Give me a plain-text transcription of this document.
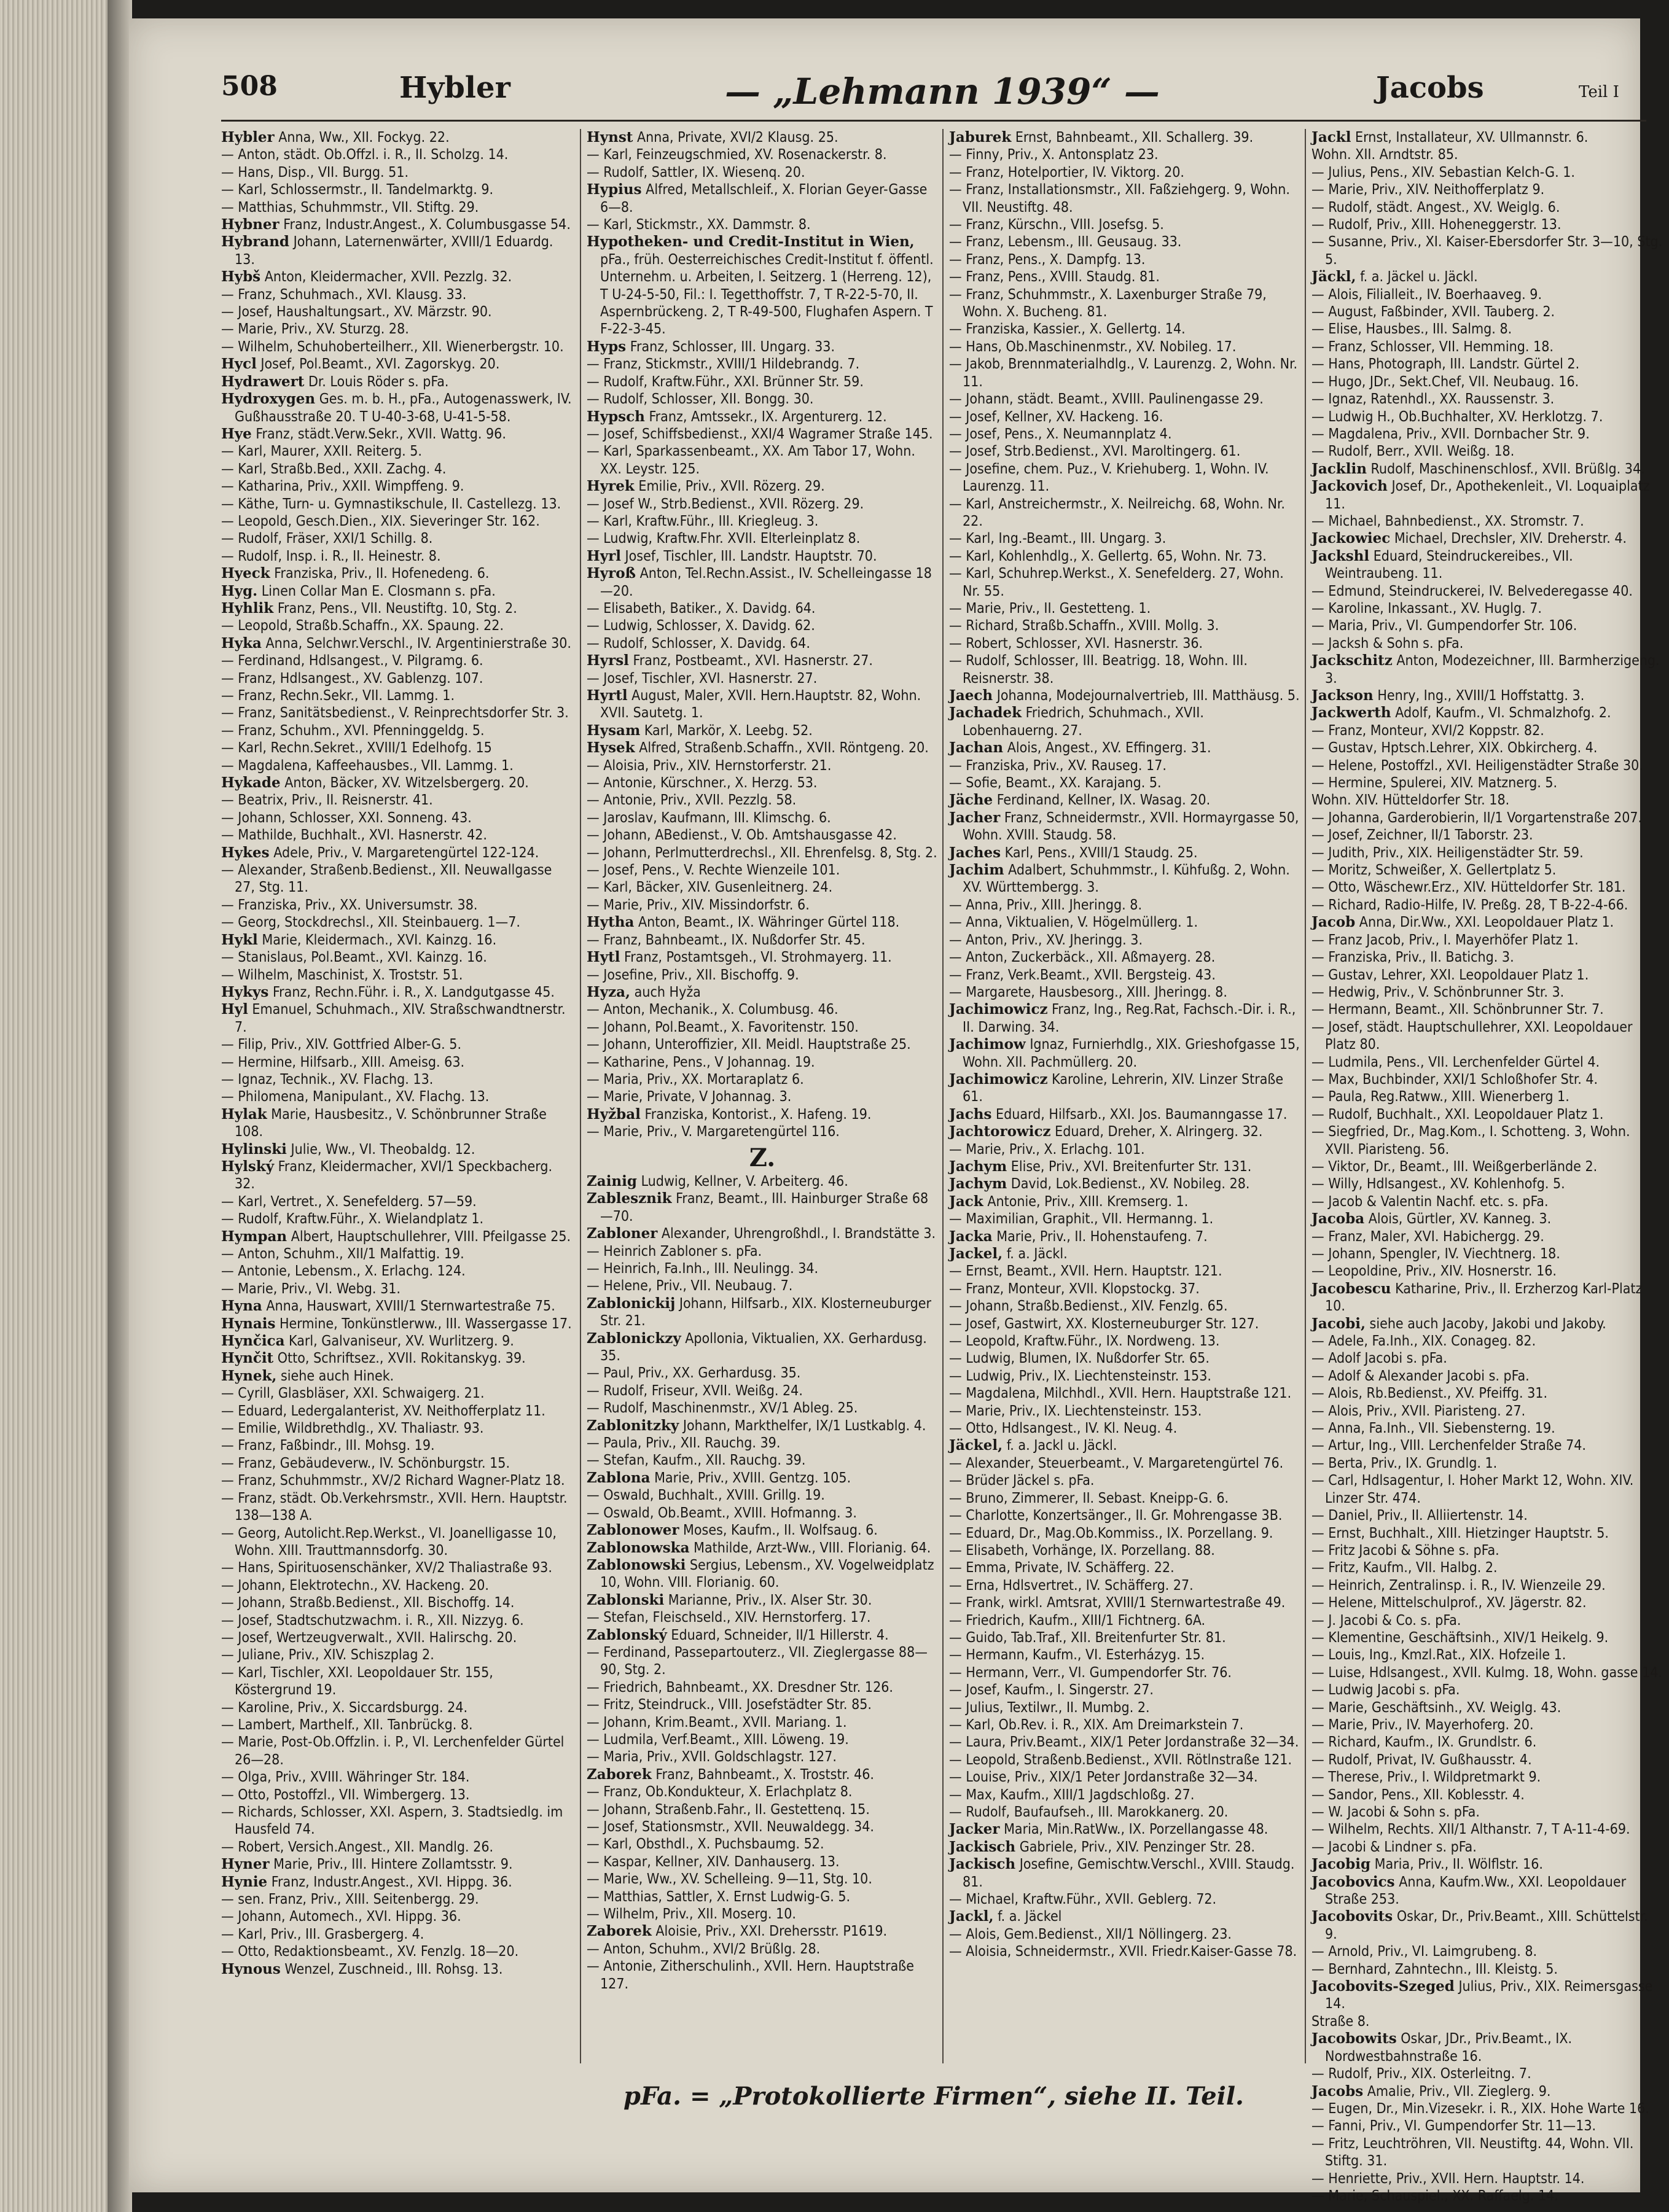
508	Hybler	— „Lehmann 1939“ —	Jacobs	Teil I

Hybler Anna, Ww., XII. Fockyg. 22.

— Anton, städt. Ob.Offzl. i. R., II. Scholzg. 14.

— Hans, Disp., VII. Burgg. 51.

— Karl, Schlossermstr., II. Tandelmarktg. 9.

— Matthias, Schuhmmstr., VII. Stiftg. 29.

Hybner Franz, Industr.Angest., X. Columbusgasse 54.

Hybrand Johann, Laternenwärter, XVIII/1 Eduardg. 13.

Hybš Anton, Kleidermacher, XVII. Pezzlg. 32.

— Franz, Schuhmach., XVI. Klausg. 33.

— Josef, Haushaltungsart., XV. Märzstr. 90.

— Marie, Priv., XV. Sturzg. 28.

— Wilhelm, Schuhoberteilherr., XII. Wienerbergstr. 10.

Hycl Josef, Pol.Beamt., XVI. Zagorskyg. 20.

Hydrawert Dr. Louis Röder s. pFa.

Hydroxygen Ges. m. b. H., pFa., Autogenasswerk, IV. Gußhausstraße 20. T U-40-3-68, U-41-5-58.

Hye Franz, städt.Verw.Sekr., XVII. Wattg. 96.

— Karl, Maurer, XXII. Reiterg. 5.

— Karl, Straßb.Bed., XXII. Zachg. 4.

— Katharina, Priv., XXII. Wimpffeng. 9.

— Käthe, Turn- u. Gymnastikschule, II. Castellezg. 13.

— Leopold, Gesch.Dien., XIX. Sieveringer Str. 162.

— Rudolf, Fräser, XXI/1 Schillg. 8.

— Rudolf, Insp. i. R., II. Heinestr. 8.

Hyeck Franziska, Priv., II. Hofenedeng. 6.

Hyg. Linen Collar Man E. Closmann s. pFa.

Hyhlik Franz, Pens., VII. Neustiftg. 10, Stg. 2.

— Leopold, Straßb.Schaffn., XX. Spaung. 22.

Hyka Anna, Selchwr.Verschl., IV. Argentinierstraße 30.

— Ferdinand, Hdlsangest., V. Pilgramg. 6.

— Franz, Hdlsangest., XV. Gablenzg. 107.

— Franz, Rechn.Sekr., VII. Lammg. 1.

— Franz, Sanitätsbedienst., V. Reinprechtsdorfer Str. 3.

— Franz, Schuhm., XVI. Pfenninggeldg. 5.

— Karl, Rechn.Sekret., XVIII/1 Edelhofg. 15

— Magdalena, Kaffeehausbes., VII. Lammg. 1.

Hykade Anton, Bäcker, XV. Witzelsbergerg. 20.

— Beatrix, Priv., II. Reisnerstr. 41.

— Johann, Schlosser, XXI. Sonneng. 43.

— Mathilde, Buchhalt., XVI. Hasnerstr. 42.

Hykes Adele, Priv., V. Margaretengürtel 122-124.

— Alexander, Straßenb.Bedienst., XII. Neuwallgasse 27, Stg. 11.

— Franziska, Priv., XX. Universumstr. 38.

— Georg, Stockdrechsl., XII. Steinbauerg. 1—7.

Hykl Marie, Kleidermach., XVI. Kainzg. 16.

— Stanislaus, Pol.Beamt., XVI. Kainzg. 16.

— Wilhelm, Maschinist, X. Troststr. 51.

Hykys Franz, Rechn.Führ. i. R., X. Landgutgasse 45.

Hyl Emanuel, Schuhmach., XIV. Straßschwandtnerstr. 7.

— Filip, Priv., XIV. Gottfried Alber-G. 5.

— Hermine, Hilfsarb., XIII. Ameisg. 63.

— Ignaz, Technik., XV. Flachg. 13.

— Philomena, Manipulant., XV. Flachg. 13.

Hylak Marie, Hausbesitz., V. Schönbrunner Straße 108.

Hylinski Julie, Ww., VI. Theobaldg. 12.

Hylský Franz, Kleidermacher, XVI/1 Speckbacherg. 32.

— Karl, Vertret., X. Senefelderg. 57—59.

— Rudolf, Kraftw.Führ., X. Wielandplatz 1.

Hympan Albert, Hauptschullehrer, VIII. Pfeilgasse 25.

— Anton, Schuhm., XII/1 Malfattig. 19.

— Antonie, Lebensm., X. Erlachg. 124.

— Marie, Priv., VI. Webg. 31.

Hyna Anna, Hauswart, XVIII/1 Sternwartestraße 75.

Hynais Hermine, Tonkünstlerww., III. Wassergasse 17.

Hynčica Karl, Galvaniseur, XV. Wurlitzerg. 9.

Hynčit Otto, Schriftsez., XVII. Rokitanskyg. 39.

Hynek, siehe auch Hinek.

— Cyrill, Glasbläser, XXI. Schwaigerg. 21.

— Eduard, Ledergalanterist, XV. Neithofferplatz 11.

— Emilie, Wildbrethdlg., XV. Thaliastr. 93.

— Franz, Faßbindr., III. Mohsg. 19.

— Franz, Gebäudeverw., IV. Schönburgstr. 15.

— Franz, Schuhmmstr., XV/2 Richard Wagner-Platz 18.

— Franz, städt. Ob.Verkehrsmstr., XVII. Hern. Hauptstr. 138—138 A.

— Georg, Autolicht.Rep.Werkst., VI. Joanelligasse 10, Wohn. XIII. Trauttmannsdorfg. 30.

— Hans, Spirituosenschänker, XV/2 Thaliastraße 93.

— Johann, Elektrotechn., XV. Hackeng. 20.

— Johann, Straßb.Bedienst., XII. Bischoffg. 14.

— Josef, Stadtschutzwachm. i. R., XII. Nizzyg. 6.

— Josef, Wertzeugverwalt., XVII. Halirschg. 20.

— Juliane, Priv., XIV. Schiszplag 2.

— Karl, Tischler, XXI. Leopoldauer Str. 155, Köstergrund 19.

— Karoline, Priv., X. Siccardsburgg. 24.

— Lambert, Marthelf., XII. Tanbrückg. 8.

— Marie, Post-Ob.Offzlin. i. P., VI. Lerchenfelder Gürtel 26—28.

— Olga, Priv., XVIII. Währinger Str. 184.

— Otto, Postoffzl., VII. Wimbergerg. 13.

— Richards, Schlosser, XXI. Aspern, 3. Stadtsiedlg. im Hausfeld 74.

— Robert, Versich.Angest., XII. Mandlg. 26.

Hyner Marie, Priv., III. Hintere Zollamtsstr. 9.

Hynie Franz, Industr.Angest., XVI. Hippg. 36.

— sen. Franz, Priv., XIII. Seitenbergg. 29.

— Johann, Automech., XVI. Hippg. 36.

— Karl, Priv., III. Grasbergerg. 4.

— Otto, Redaktionsbeamt., XV. Fenzlg. 18—20.

Hynous Wenzel, Zuschneid., III. Rohsg. 13.

Hynst Anna, Private, XVI/2 Klausg. 25.

— Karl, Feinzeugschmied, XV. Rosenackerstr. 8.

— Rudolf, Sattler, IX. Wiesenq. 20.

Hypius Alfred, Metallschleif., X. Florian Geyer-Gasse 6—8.

— Karl, Stickmstr., XX. Dammstr. 8.

Hypotheken- und Credit-Institut in Wien, pFa., früh. Oesterreichisches Credit-Institut f. öffentl. Unternehm. u. Arbeiten, I. Seitzerg. 1 (Herreng. 12), T U-24-5-50, Fil.: I. Tegetthoffstr. 7, T R-22-5-70, II. Aspernbrückeng. 2, T R-49-500, Flughafen Aspern. T F-22-3-45.

Hyps Franz, Schlosser, III. Ungarg. 33.

— Franz, Stickmstr., XVIII/1 Hildebrandg. 7.

— Rudolf, Kraftw.Führ., XXI. Brünner Str. 59.

— Rudolf, Schlosser, XII. Bongg. 30.

Hypsch Franz, Amtssekr., IX. Argenturerg. 12.

— Josef, Schiffsbedienst., XXI/4 Wagramer Straße 145.

— Karl, Sparkassenbeamt., XX. Am Tabor 17, Wohn. XX. Leystr. 125.

Hyrek Emilie, Priv., XVII. Rözerg. 29.

— Josef W., Strb.Bedienst., XVII. Rözerg. 29.

— Karl, Kraftw.Führ., III. Kriegleug. 3.

— Ludwig, Kraftw.Fhr. XVII. Elterleinplatz 8.

Hyrl Josef, Tischler, III. Landstr. Hauptstr. 70.

Hyroß Anton, Tel.Rechn.Assist., IV. Schelleingasse 18—20.

— Elisabeth, Batiker., X. Davidg. 64.

— Ludwig, Schlosser, X. Davidg. 62.

— Rudolf, Schlosser, X. Davidg. 64.

Hyrsl Franz, Postbeamt., XVI. Hasnerstr. 27.

— Josef, Tischler, XVI. Hasnerstr. 27.

Hyrtl August, Maler, XVII. Hern.Hauptstr. 82, Wohn. XVII. Sautetg. 1.

Hysam Karl, Markör, X. Leebg. 52.

Hysek Alfred, Straßenb.Schaffn., XVII. Röntgeng. 20.

— Aloisia, Priv., XIV. Hernstorferstr. 21.

— Antonie, Kürschner., X. Herzg. 53.

— Antonie, Priv., XVII. Pezzlg. 58.

— Jaroslav, Kaufmann, III. Klimschg. 6.

— Johann, ABedienst., V. Ob. Amtshausgasse 42.

— Johann, Perlmutterdrechsl., XII. Ehrenfelsg. 8, Stg. 2.

— Josef, Pens., V. Rechte Wienzeile 101.

— Karl, Bäcker, XIV. Gusenleitnerg. 24.

— Marie, Priv., XIV. Missindorfstr. 6.

Hytha Anton, Beamt., IX. Währinger Gürtel 118.

— Franz, Bahnbeamt., IX. Nußdorfer Str. 45.

Hytl Franz, Postamtsgeh., VI. Strohmayerg. 11.

— Josefine, Priv., XII. Bischoffg. 9.

Hyza, auch Hyža

— Anton, Mechanik., X. Columbusg. 46.

— Johann, Pol.Beamt., X. Favoritenstr. 150.

— Johann, Unteroffizier, XII. Meidl. Hauptstraße 25.

— Katharine, Pens., V Johannag. 19.

— Maria, Priv., XX. Mortaraplatz 6.

— Marie, Private, V Johannag. 3.

Hyžbal Franziska, Kontorist., X. Hafeng. 19.

— Marie, Priv., V. Margaretengürtel 116.

Z.

Zainig Ludwig, Kellner, V. Arbeiterg. 46.

Zablesznik Franz, Beamt., III. Hainburger Straße 68—70.

Zabloner Alexander, Uhrengroßhdl., I. Brandstätte 3.

— Heinrich Zabloner s. pFa.

— Heinrich, Fa.Inh., III. Neulingg. 34.

— Helene, Priv., VII. Neubaug. 7.

Zablonickij Johann, Hilfsarb., XIX. Klosterneuburger Str. 21.

Zablonickzy Apollonia, Viktualien, XX. Gerhardusg. 35.

— Paul, Priv., XX. Gerhardusg. 35.

— Rudolf, Friseur, XVII. Weißg. 24.

— Rudolf, Maschinenmstr., XV/1 Ableg. 25.

Zablonitzky Johann, Markthelfer, IX/1 Lustkablg. 4.

— Paula, Priv., XII. Rauchg. 39.

— Stefan, Kaufm., XII. Rauchg. 39.

Zablona Marie, Priv., XVIII. Gentzg. 105.

— Oswald, Buchhalt., XVIII. Grillg. 19.

— Oswald, Ob.Beamt., XVIII. Hofmanng. 3.

Zablonower Moses, Kaufm., II. Wolfsaug. 6.

Zablonowska Mathilde, Arzt-Ww., VIII. Florianig. 64.

Zablonowski Sergius, Lebensm., XV. Vogelweidplatz 10, Wohn. VIII. Florianig. 60.

Zablonski Marianne, Priv., IX. Alser Str. 30.

— Stefan, Fleischseld., XIV. Hernstorferg. 17.

Zablonský Eduard, Schneider, II/1 Hillerstr. 4.

— Ferdinand, Passepartouterz., VII. Zieglergasse 88—90, Stg. 2.

— Friedrich, Bahnbeamt., XX. Dresdner Str. 126.

— Fritz, Steindruck., VIII. Josefstädter Str. 85.

— Johann, Krim.Beamt., XVII. Mariang. 1.

— Ludmila, Verf.Beamt., XIII. Löweng. 19.

— Maria, Priv., XVII. Goldschlagstr. 127.

Zaborek Franz, Bahnbeamt., X. Troststr. 46.

— Franz, Ob.Kondukteur, X. Erlachplatz 8.

— Johann, Straßenb.Fahr., II. Gestettenq. 15.

— Josef, Stationsmstr., XVII. Neuwaldegg. 34.

— Karl, Obsthdl., X. Puchsbaumg. 52.

— Kaspar, Kellner, XIV. Danhauserg. 13.

— Marie, Ww., XV. Schelleing. 9—11, Stg. 10.

— Matthias, Sattler, X. Ernst Ludwig-G. 5.

— Wilhelm, Priv., XII. Moserg. 10.

Zaborek Aloisie, Priv., XXI. Drehersstr. P1619.

— Anton, Schuhm., XVI/2 Brüßlg. 28.

— Antonie, Zitherschulinh., XVII. Hern. Hauptstraße 127.

Jaburek Ernst, Bahnbeamt., XII. Schallerg. 39.

— Finny, Priv., X. Antonsplatz 23.

— Franz, Hotelportier, IV. Viktorg. 20.

— Franz, Installationsmstr., XII. Faßziehgerg. 9, Wohn. VII. Neustiftg. 48.

— Franz, Kürschn., VIII. Josefsg. 5.

— Franz, Lebensm., III. Geusaug. 33.

— Franz, Pens., X. Dampfg. 13.

— Franz, Pens., XVIII. Staudg. 81.

— Franz, Schuhmmstr., X. Laxenburger Straße 79, Wohn. X. Bucheng. 81.

— Franziska, Kassier., X. Gellertg. 14.

— Hans, Ob.Maschinenmstr., XV. Nobileg. 17.

— Jakob, Brennmaterialhdlg., V. Laurenzg. 2, Wohn. Nr. 11.

— Johann, städt. Beamt., XVIII. Paulinengasse 29.

— Josef, Kellner, XV. Hackeng. 16.

— Josef, Pens., X. Neumannplatz 4.

— Josef, Strb.Bedienst., XVI. Maroltingerg. 61.

— Josefine, chem. Puz., V. Kriehuberg. 1, Wohn. IV. Laurenzg. 11.

— Karl, Anstreichermstr., X. Neilreichg. 68, Wohn. Nr. 22.

— Karl, Ing.-Beamt., III. Ungarg. 3.

— Karl, Kohlenhdlg., X. Gellertg. 65, Wohn. Nr. 73.

— Karl, Schuhrep.Werkst., X. Senefelderg. 27, Wohn. Nr. 55.

— Marie, Priv., II. Gestetteng. 1.

— Richard, Straßb.Schaffn., XVIII. Mollg. 3.

— Robert, Schlosser, XVI. Hasnerstr. 36.

— Rudolf, Schlosser, III. Beatrigg. 18, Wohn. III. Reisnerstr. 38.

Jaech Johanna, Modejournalvertrieb, III. Matthäusg. 5.

Jachadek Friedrich, Schuhmach., XVII. Lobenhauerng. 27.

Jachan Alois, Angest., XV. Effingerg. 31.

— Franziska, Priv., XV. Rauseg. 17.

— Sofie, Beamt., XX. Karajang. 5.

Jäche Ferdinand, Kellner, IX. Wasag. 20.

Jacher Franz, Schneidermstr., XVII. Hormayrgasse 50, Wohn. XVIII. Staudg. 58.

Jaches Karl, Pens., XVIII/1 Staudg. 25.

Jachim Adalbert, Schuhmmstr., I. Kühfußg. 2, Wohn. XV. Württembergg. 3.

— Anna, Priv., XIII. Jheringg. 8.

— Anna, Viktualien, V. Högelmüllerg. 1.

— Anton, Priv., XV. Jheringg. 3.

— Anton, Zuckerbäck., XII. Aßmayerg. 28.

— Franz, Verk.Beamt., XVII. Bergsteig. 43.

— Margarete, Hausbesorg., XIII. Jheringg. 8.

Jachimowicz Franz, Ing., Reg.Rat, Fachsch.-Dir. i. R., II. Darwing. 34.

Jachimow Ignaz, Furnierhdlg., XIX. Grieshofgasse 15, Wohn. XII. Pachmüllerg. 20.

Jachimowicz Karoline, Lehrerin, XIV. Linzer Straße 61.

Jachs Eduard, Hilfsarb., XXI. Jos. Baumanngasse 17.

Jachtorowicz Eduard, Dreher, X. Alringerg. 32.

— Marie, Priv., X. Erlachg. 101.

Jachym Elise, Priv., XVI. Breitenfurter Str. 131.

Jachym David, Lok.Bedienst., XV. Nobileg. 28.

Jack Antonie, Priv., XIII. Kremserg. 1.

— Maximilian, Graphit., VII. Hermanng. 1.

Jacka Marie, Priv., II. Hohenstaufeng. 7.

Jackel, f. a. Jäckl.

— Ernst, Beamt., XVII. Hern. Hauptstr. 121.

— Franz, Monteur, XVII. Klopstockg. 37.

— Johann, Straßb.Bedienst., XIV. Fenzlg. 65.

— Josef, Gastwirt, XX. Klosterneuburger Str. 127.

— Leopold, Kraftw.Führ., IX. Nordweng. 13.

— Ludwig, Blumen, IX. Nußdorfer Str. 65.

— Ludwig, Priv., IX. Liechtensteinstr. 153.

— Magdalena, Milchhdl., XVII. Hern. Hauptstraße 121.

— Marie, Priv., IX. Liechtensteinstr. 153.

— Otto, Hdlsangest., IV. Kl. Neug. 4.

Jäckel, f. a. Jackl u. Jäckl.

— Alexander, Steuerbeamt., V. Margaretengürtel 76.

— Brüder Jäckel s. pFa.

— Bruno, Zimmerer, II. Sebast. Kneipp-G. 6.

— Charlotte, Konzertsänger., II. Gr. Mohrengasse 3B.

— Eduard, Dr., Mag.Ob.Kommiss., IX. Porzellang. 9.

— Elisabeth, Vorhänge, IX. Porzellang. 88.

— Emma, Private, IV. Schäfferg. 22.

— Erna, Hdlsvertret., IV. Schäfferg. 27.

— Frank, wirkl. Amtsrat, XVIII/1 Sternwartestraße 49.

— Friedrich, Kaufm., XIII/1 Fichtnerg. 6A.

— Guido, Tab.Traf., XII. Breitenfurter Str. 81.

— Hermann, Kaufm., VI. Esterházyg. 15.

— Hermann, Verr., VI. Gumpendorfer Str. 76.

— Josef, Kaufm., I. Singerstr. 27.

— Julius, Textilwr., II. Mumbg. 2.

— Karl, Ob.Rev. i. R., XIX. Am Dreimarkstein 7.

— Laura, Priv.Beamt., XIX/1 Peter Jordanstraße 32—34.

— Leopold, Straßenb.Bedienst., XVII. Rötlnstraße 121.

— Louise, Priv., XIX/1 Peter Jordanstraße 32—34.

— Max, Kaufm., XIII/1 Jagdschloßg. 27.

— Rudolf, Baufaufseh., III. Marokkanerg. 20.

Jacker Maria, Min.RatWw., IX. Porzellangasse 48.

Jackisch Gabriele, Priv., XIV. Penzinger Str. 28.

Jackisch Josefine, Gemischtw.Verschl., XVIII. Staudg. 81.

— Michael, Kraftw.Führ., XVII. Geblerg. 72.

Jackl, f. a. Jäckel

— Alois, Gem.Bedienst., XII/1 Nöllingerg. 23.

— Aloisia, Schneidermstr., XVII. Friedr.Kaiser-Gasse 78.

Jackl Ernst, Installateur, XV. Ullmannstr. 6.

Wohn. XII. Arndtstr. 85.

— Julius, Pens., XIV. Sebastian Kelch-G. 1.

— Marie, Priv., XIV. Neithofferplatz 9.

— Rudolf, städt. Angest., XV. Weiglg. 6.

— Rudolf, Priv., XIII. Hoheneggerstr. 13.

— Susanne, Priv., XI. Kaiser-Ebersdorfer Str. 3—10, Stg. 5.

Jäckl, f. a. Jäckel u. Jäckl.

— Alois, Filialleit., IV. Boerhaaveg. 9.

— August, Faßbinder, XVII. Tauberg. 2.

— Elise, Hausbes., III. Salmg. 8.

— Franz, Schlosser, VII. Hemming. 18.

— Hans, Photograph, III. Landstr. Gürtel 2.

— Hugo, JDr., Sekt.Chef, VII. Neubaug. 16.

— Ignaz, Ratenhdl., XX. Raussenstr. 3.

— Ludwig H., Ob.Buchhalter, XV. Herklotzg. 7.

— Magdalena, Priv., XVII. Dornbacher Str. 9.

— Rudolf, Berr., XVII. Weißg. 18.

Jacklin Rudolf, Maschinenschlosf., XVII. Brüßlg. 34.

Jackovich Josef, Dr., Apothekenleit., VI. Loquaiplatz 11.

— Michael, Bahnbedienst., XX. Stromstr. 7.

Jackowiec Michael, Drechsler, XIV. Dreherstr. 4.

Jackshl Eduard, Steindruckereibes., VII. Weintraubeng. 11.

— Edmund, Steindruckerei, IV. Belvederegasse 40.

— Karoline, Inkassant., XV. Huglg. 7.

— Maria, Priv., VI. Gumpendorfer Str. 106.

— Jacksh & Sohn s. pFa.

Jackschitz Anton, Modezeichner, III. Barmherzigeng. 3.

Jackson Henry, Ing., XVIII/1 Hoffstattg. 3.

Jackwerth Adolf, Kaufm., VI. Schmalzhofg. 2.

— Franz, Monteur, XVI/2 Koppstr. 82.

— Gustav, Hptsch.Lehrer, XIX. Obkircherg. 4.

— Helene, Postoffzl., XVI. Heiligenstädter Straße 30.

— Hermine, Spulerei, XIV. Matznerg. 5.

Wohn. XIV. Hütteldorfer Str. 18.

— Johanna, Garderobierin, II/1 Vorgartenstraße 207.

— Josef, Zeichner, II/1 Taborstr. 23.

— Judith, Priv., XIX. Heiligenstädter Str. 59.

— Moritz, Schweißer, X. Gellertplatz 5.

— Otto, Wäschewr.Erz., XIV. Hütteldorfer Str. 181.

— Richard, Radio-Hilfe, IV. Preßg. 28, T B-22-4-66.

Jacob Anna, Dir.Ww., XXI. Leopoldauer Platz 1.

— Franz Jacob, Priv., I. Mayerhöfer Platz 1.

— Franziska, Priv., II. Batichg. 3.

— Gustav, Lehrer, XXI. Leopoldauer Platz 1.

— Hedwig, Priv., V. Schönbrunner Str. 3.

— Hermann, Beamt., XII. Schönbrunner Str. 7.

— Josef, städt. Hauptschullehrer, XXI. Leopoldauer Platz 80.

— Ludmila, Pens., VII. Lerchenfelder Gürtel 4.

— Max, Buchbinder, XXI/1 Schloßhofer Str. 4.

— Paula, Reg.Ratww., XIII. Wienerberg 1.

— Rudolf, Buchhalt., XXI. Leopoldauer Platz 1.

— Siegfried, Dr., Mag.Kom., I. Schotteng. 3, Wohn. XVII. Piaristeng. 56.

— Viktor, Dr., Beamt., III. Weißgerberlände 2.

— Willy, Hdlsangest., XV. Kohlenhofg. 5.

— Jacob & Valentin Nachf. etc. s. pFa.

Jacoba Alois, Gürtler, XV. Kanneg. 3.

— Franz, Maler, XVI. Habichergg. 29.

— Johann, Spengler, IV. Viechtnerg. 18.

— Leopoldine, Priv., XIV. Hosnerstr. 16.

Jacobescu Katharine, Priv., II. Erzherzog Karl-Platz 10.

Jacobi, siehe auch Jacoby, Jakobi und Jakoby.

— Adele, Fa.Inh., XIX. Conageg. 82.

— Adolf Jacobi s. pFa.

— Adolf & Alexander Jacobi s. pFa.

— Alois, Rb.Bedienst., XV. Pfeiffg. 31.

— Alois, Priv., XVII. Piaristeng. 27.

— Anna, Fa.Inh., VII. Siebensterng. 19.

— Artur, Ing., VIII. Lerchenfelder Straße 74.

— Berta, Priv., IX. Grundlg. 1.

— Carl, Hdlsagentur, I. Hoher Markt 12, Wohn. XIV. Linzer Str. 474.

— Daniel, Priv., II. Alliiertenstr. 14.

— Ernst, Buchhalt., XIII. Hietzinger Hauptstr. 5.

— Fritz Jacobi & Söhne s. pFa.

— Fritz, Kaufm., VII. Halbg. 2.

— Heinrich, Zentralinsp. i. R., IV. Wienzeile 29.

— Helene, Mittelschulprof., XV. Jägerstr. 82.

— J. Jacobi & Co. s. pFa.

— Klementine, Geschäftsinh., XIV/1 Heikelg. 9.

— Louis, Ing., Kmzl.Rat., XIX. Hofzeile 1.

— Luise, Hdlsangest., XVII. Kulmg. 18, Wohn. gasse 14.

— Ludwig Jacobi s. pFa.

— Marie, Geschäftsinh., XV. Weiglg. 43.

— Marie, Priv., IV. Mayerhoferg. 20.

— Richard, Kaufm., IX. Grundlstr. 6.

— Rudolf, Privat, IV. Gußhausstr. 4.

— Therese, Priv., I. Wildpretmarkt 9.

— Sandor, Pens., XII. Koblesstr. 4.

— W. Jacobi & Sohn s. pFa.

— Wilhelm, Rechts. XII/1 Althanstr. 7, T A-11-4-69.

— Jacobi & Lindner s. pFa.

Jacobig Maria, Priv., II. Wölflstr. 16.

Jacobovics Anna, Kaufm.Ww., XXI. Leopoldauer Straße 253.

Jacobovits Oskar, Dr., Priv.Beamt., XIII. Schüttelstr. 9.

— Arnold, Priv., VI. Laimgrubeng. 8.

— Bernhard, Zahntechn., III. Kleistg. 5.

Jacobovits-Szeged Julius, Priv., XIX. Reimersgasse 14.

Straße 8.

Jacobowits Oskar, JDr., Priv.Beamt., IX. Nordwestbahnstraße 16.

— Rudolf, Priv., XIX. Osterleitng. 7.

Jacobs Amalie, Priv., VII. Zieglerg. 9.

— Eugen, Dr., Min.Vizesekr. i. R., XIX. Hohe Warte 16.

— Fanni, Priv., VI. Gumpendorfer Str. 11—13.

— Fritz, Leuchtröhren, VII. Neustiftg. 44, Wohn. VII. Stiftg. 31.

— Henriette, Priv., XVII. Hern. Hauptstr. 14.

— Marie, Schauspiel., XX. Raffaelg. 14.

pFa. = „Protokollierte Firmen“, siehe II. Teil.
